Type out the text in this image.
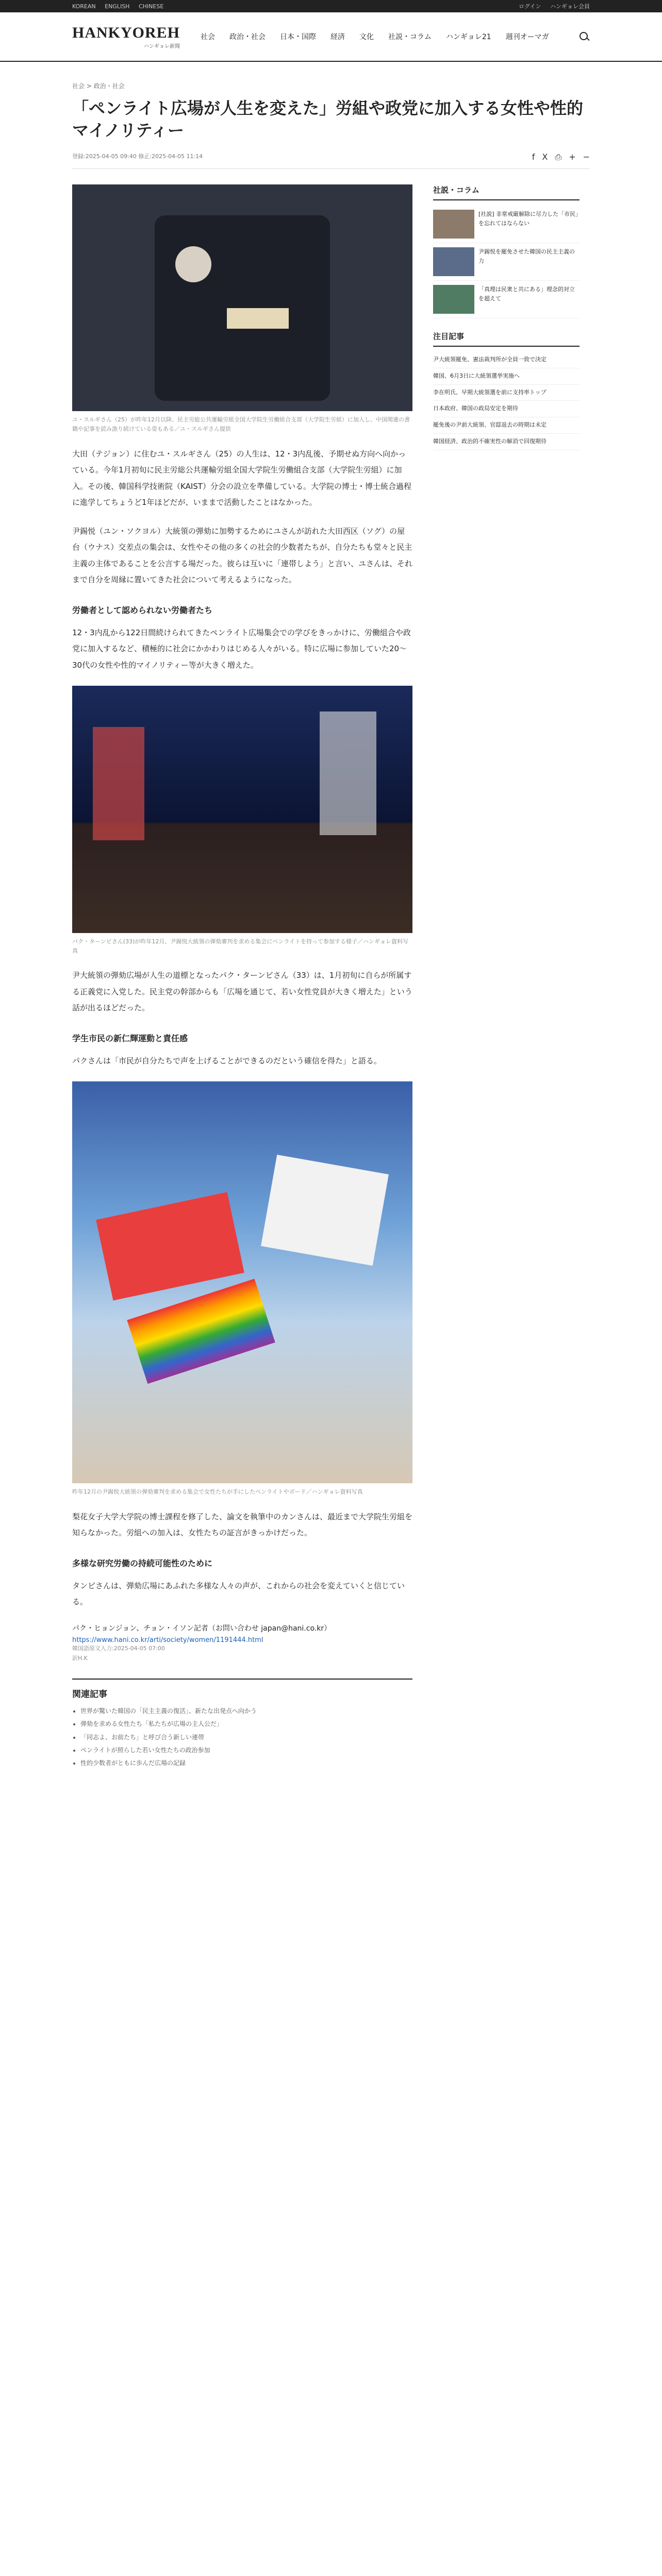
KOREAN ENGLISH CHINESE	ログイン ハンギョレ会員
HANKYOREH
ハンギョレ新聞
社会 政治・社会 日本・国際 経済 文化 社説・コラム ハンギョレ21 週刊オーマガ
社会 > 政治・社会
「ペンライト広場が人生を変えた」労組や政党に加入する女性や性的マイノリティー
登録:2025-04-05 09:40 修正:2025-04-05 11:14	f X ⎙ + −
ユ・スルギさん（25）が昨年12月以降、民主労総公共運輸労組全国大学院生労働組合支部（大学院生労組）に加入し、中国関連の書籍や記事を読み漁り続けている姿もある／ユ・スルギさん提供

大田（テジョン）に住むユ・スルギさん（25）の人生は、12・3内乱後、予期せぬ方向へ向かっている。今年1月初旬に民主労総公共運輸労組全国大学院生労働組合支部（大学院生労組）に加入。その後、韓国科学技術院（KAIST）分会の設立を準備している。大学院の博士・博士統合過程に進学してちょうど1年ほどだが、いままで活動したことはなかった。

尹錫悦（ユン・ソクヨル）大統領の弾劾に加勢するためにユさんが訪れた大田西区（ソグ）の屋台（ウナス）交差点の集会は、女性やその他の多くの社会的少数者たちが、自分たちも堂々と民主主義の主体であることを公言する場だった。彼らは互いに「連帯しよう」と言い、ユさんは、それまで自分を周縁に置いてきた社会について考えるようになった。

労働者として認められない労働者たち

12・3内乱から122日間続けられてきたペンライト広場集会での学びをきっかけに、労働組合や政党に加入するなど、積極的に社会にかかわりはじめる人々がいる。特に広場に参加していた20〜30代の女性や性的マイノリティー等が大きく増えた。

パク・ターンビさん(33)が昨年12月、尹錫悦大統領の弾劾審判を求める集会にペンライトを持って参加する様子／ハンギョレ資料写真

尹大統領の弾劾広場が人生の道標となったパク・ターンビさん（33）は、1月初旬に自らが所属する正義党に入党した。民主党の幹部からも「広場を通じて、若い女性党員が大きく増えた」という話が出るほどだった。

学生市民の新仁輝運動と責任感

パクさんは「市民が自分たちで声を上げることができるのだという確信を得た」と語る。

昨年12月の尹錫悦大統領の弾劾審判を求める集会で女性たちが手にしたペンライトやボード／ハンギョレ資料写真

梨花女子大学大学院の博士課程を修了した、論文を執筆中のカンさんは、最近まで大学院生労組を知らなかった。労組への加入は、女性たちの証言がきっかけだった。

多様な研究労働の持続可能性のために

タンビさんは、弾劾広場にあふれた多様な人々の声が、これからの社会を変えていくと信じている。

パク・ヒョンジョン、チョン・イソン記者（お問い合わせ japan@hani.co.kr）
https://www.hani.co.kr/arti/society/women/1191444.html
韓国語原文入力:2025-04-05 07:00
訳H.K
関連記事
• 世界が驚いた韓国の「民主主義の復活」、新たな出発点へ向かう
• 弾劾を求める女性たち「私たちが広場の主人公だ」
• 「同志よ、お前たち」と呼び合う新しい連帯
• ペンライトが照らした若い女性たちの政治参加
• 性的少数者がともに歩んだ広場の記録
社説・コラム
[社説] 非常戒厳解除に尽力した「市民」を忘れてはならない
尹錫悦を罷免させた韓国の民主主義の力
「真理は民衆と共にある」理念的対立を超えて
注目記事
尹大統領罷免、憲法裁判所が全員一致で決定
韓国、6月3日に大統領選挙実施へ
李在明氏、早期大統領選を前に支持率トップ
日本政府、韓国の政局安定を期待
罷免後の尹前大統領、官邸退去の時期は未定
韓国経済、政治的不確実性の解消で回復期待
